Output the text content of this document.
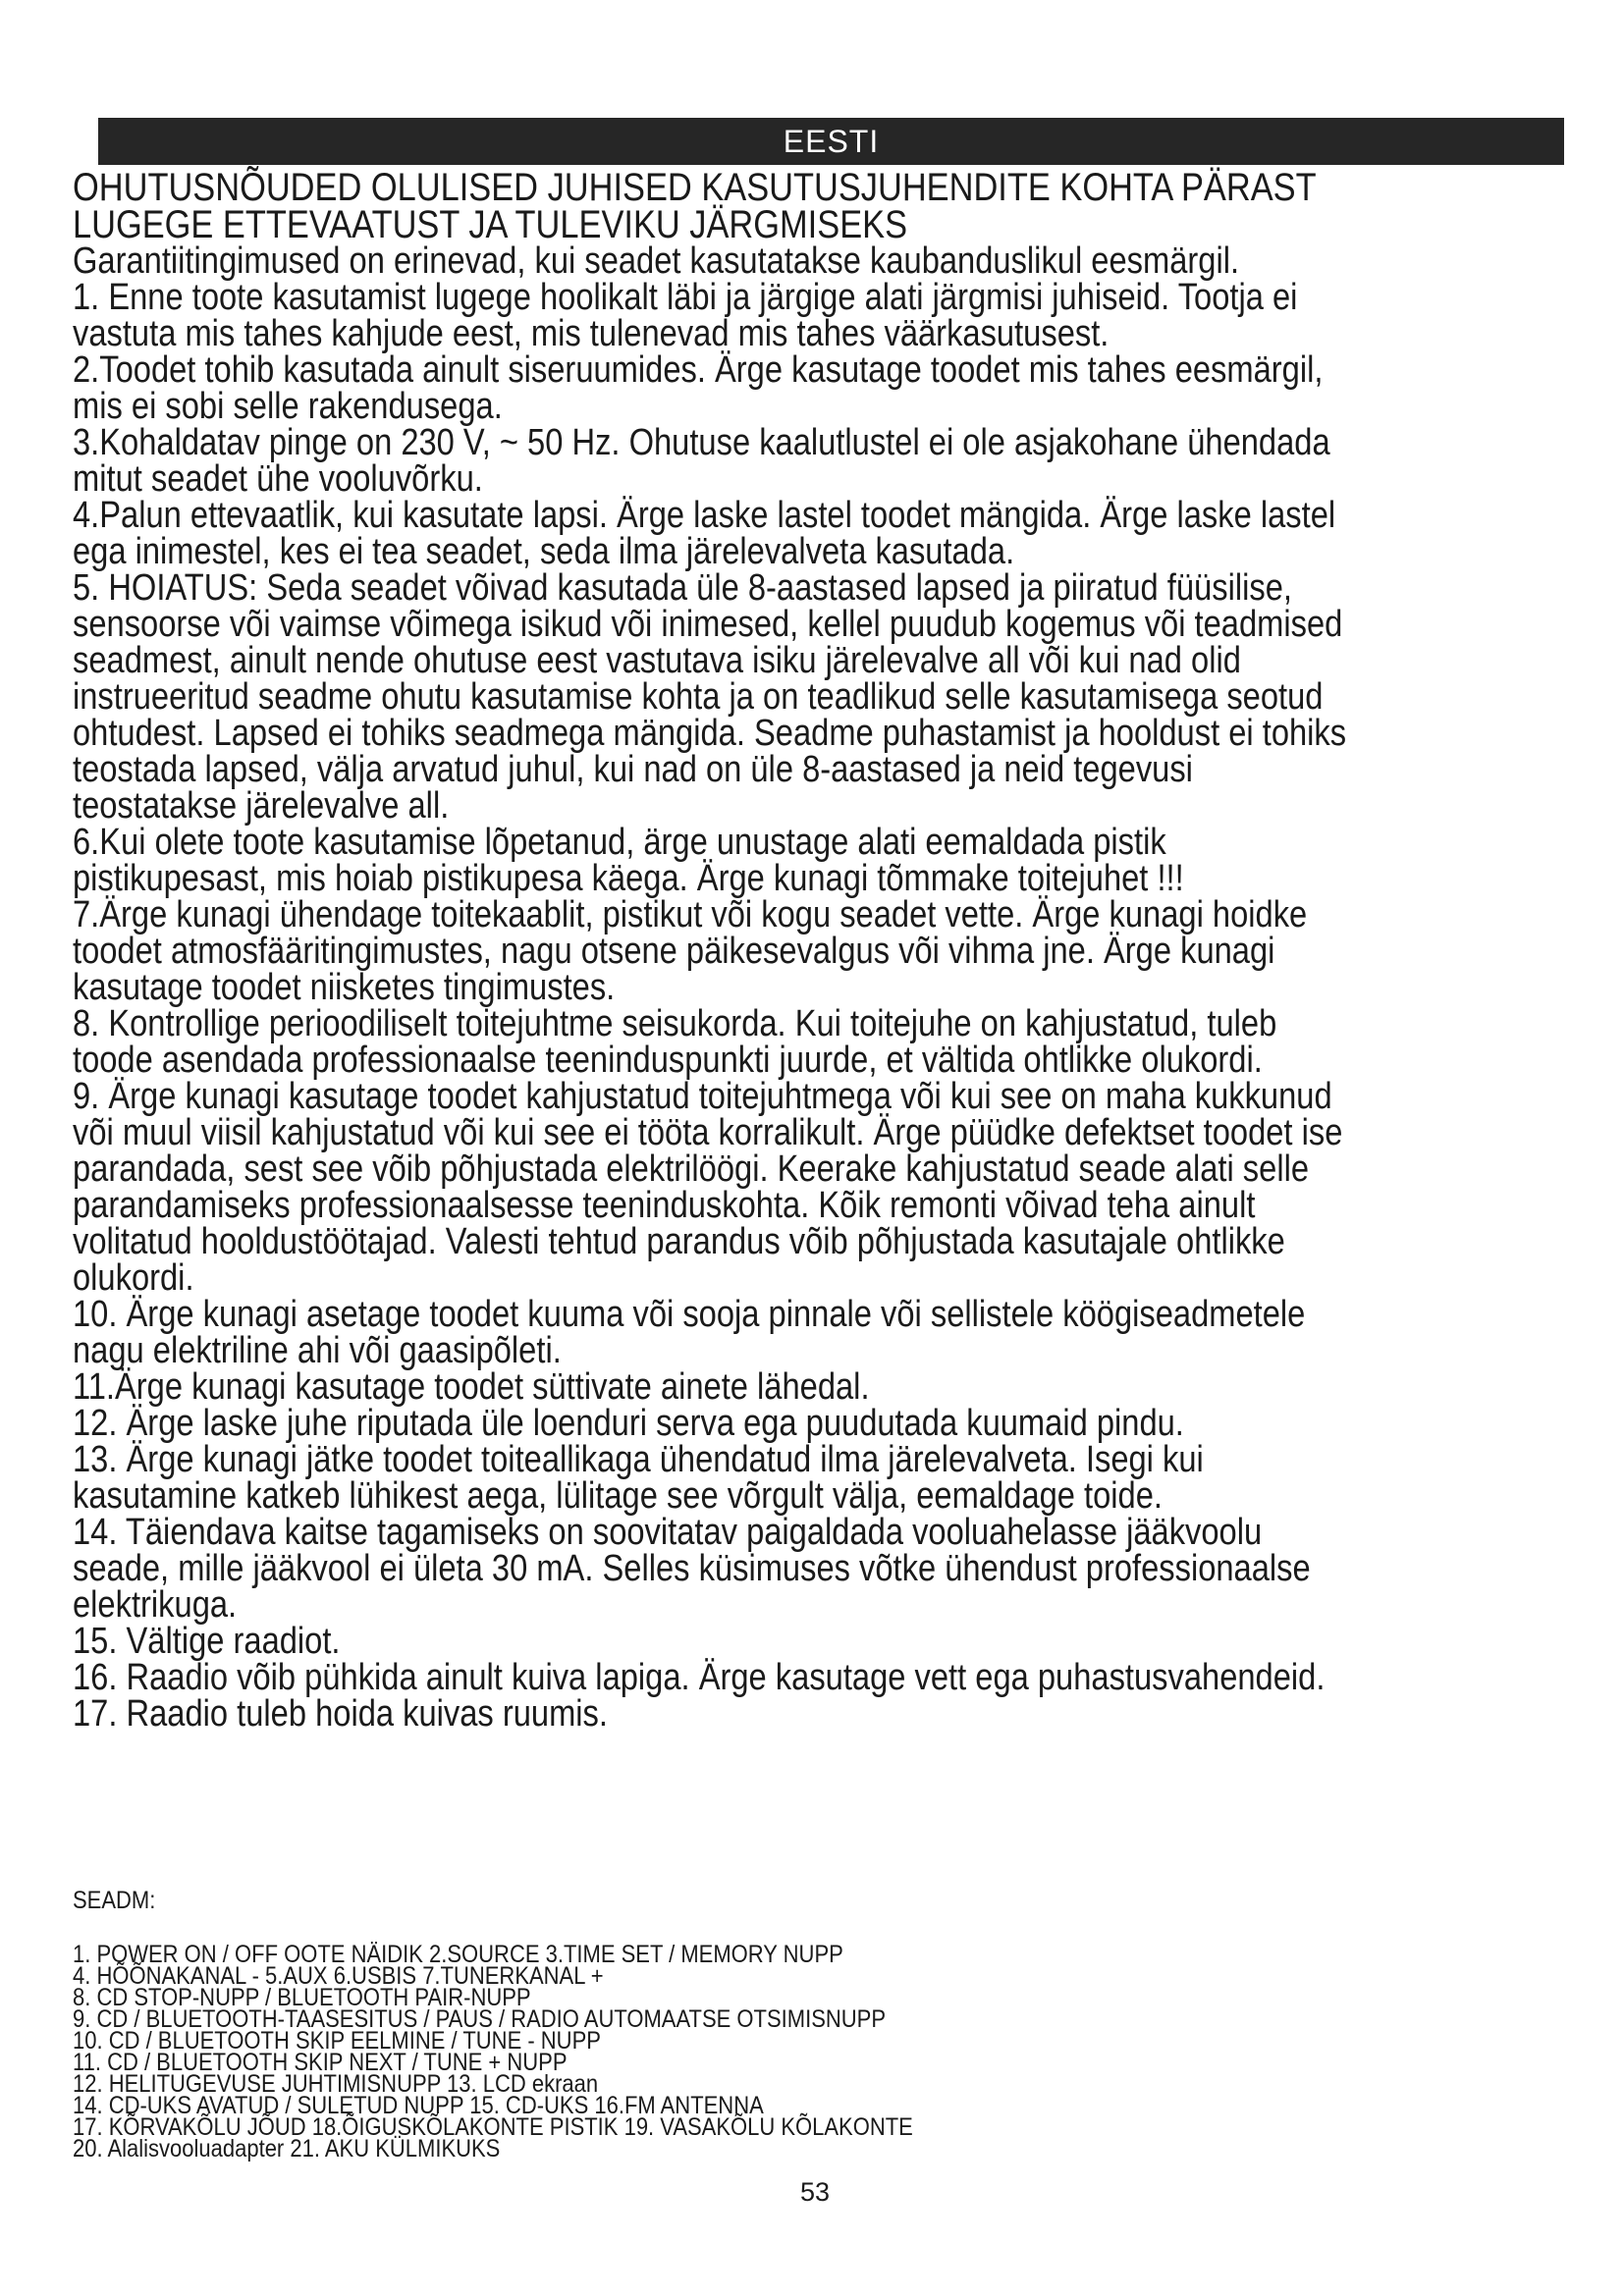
EESTI

OHUTUSNÕUDED OLULISED JUHISED KASUTUSJUHENDITE KOHTA PÄRAST

LUGEGE ETTEVAATUST JA TULEVIKU JÄRGMISEKS

Garantiitingimused on erinevad, kui seadet kasutatakse kaubanduslikul eesmärgil.

1. Enne toote kasutamist lugege hoolikalt läbi ja järgige alati järgmisi juhiseid. Tootja ei vastuta mis tahes kahjude eest, mis tulenevad mis tahes väärkasutusest.

2.Toodet tohib kasutada ainult siseruumides. Ärge kasutage toodet mis tahes eesmärgil, mis ei sobi selle rakendusega.

3.Kohaldatav pinge on 230 V, ~ 50 Hz. Ohutuse kaalutlustel ei ole asjakohane ühendada mitut seadet ühe vooluvõrku.

4.Palun ettevaatlik, kui kasutate lapsi. Ärge laske lastel toodet mängida. Ärge laske lastel ega inimestel, kes ei tea seadet, seda ilma järelevalveta kasutada.

5. HOIATUS: Seda seadet võivad kasutada üle 8-aastased lapsed ja piiratud füüsilise, sensoorse või vaimse võimega isikud või inimesed, kellel puudub kogemus või teadmised seadmest, ainult nende ohutuse eest vastutava isiku järelevalve all või kui nad olid instrueeritud seadme ohutu kasutamise kohta ja on teadlikud selle kasutamisega seotud ohtudest. Lapsed ei tohiks seadmega mängida. Seadme puhastamist ja hooldust ei tohiks teostada lapsed, välja arvatud juhul, kui nad on üle 8-aastased ja neid tegevusi teostatakse järelevalve all.

6.Kui olete toote kasutamise lõpetanud, ärge unustage alati eemaldada pistik pistikupesast, mis hoiab pistikupesa käega. Ärge kunagi tõmmake toitejuhet !!!

7.Ärge kunagi ühendage toitekaablit, pistikut või kogu seadet vette. Ärge kunagi hoidke toodet atmosfääritingimustes, nagu otsene päikesevalgus või vihma jne. Ärge kunagi kasutage toodet niisketes tingimustes.

8. Kontrollige perioodiliselt toitejuhtme seisukorda. Kui toitejuhe on kahjustatud, tuleb toode asendada professionaalse teeninduspunkti juurde, et vältida ohtlikke olukordi.

9. Ärge kunagi kasutage toodet kahjustatud toitejuhtmega või kui see on maha kukkunud või muul viisil kahjustatud või kui see ei tööta korralikult. Ärge püüdke defektset toodet ise parandada, sest see võib põhjustada elektrilöögi. Keerake kahjustatud seade alati selle parandamiseks professionaalsesse teeninduskohta. Kõik remonti võivad teha ainult volitatud hooldustöötajad. Valesti tehtud parandus võib põhjustada kasutajale ohtlikke olukordi.

10. Ärge kunagi asetage toodet kuuma või sooja pinnale või sellistele köögiseadmetele nagu elektriline ahi või gaasipõleti.

11.Ärge kunagi kasutage toodet süttivate ainete lähedal.

12. Ärge laske juhe riputada üle loenduri serva ega puudutada kuumaid pindu.

13. Ärge kunagi jätke toodet toiteallikaga ühendatud ilma järelevalveta. Isegi kui kasutamine katkeb lühikest aega, lülitage see võrgult välja, eemaldage toide.

14. Täiendava kaitse tagamiseks on soovitatav paigaldada vooluahelasse jääkvoolu seade, mille jääkvool ei ületa 30 mA. Selles küsimuses võtke ühendust professionaalse elektrikuga.

15. Vältige raadiot.

16. Raadio võib pühkida ainult kuiva lapiga. Ärge kasutage vett ega puhastusvahendeid.

17. Raadio tuleb hoida kuivas ruumis.

SEADM:

1. POWER ON / OFF OOTE NÄIDIK 2.SOURCE 3.TIME SET / MEMORY NUPP

4. HÕÕNAKANAL - 5.AUX 6.USBIS 7.TUNERKANAL +

8. CD STOP-NUPP / BLUETOOTH PAIR-NUPP

9. CD / BLUETOOTH-TAASESITUS / PAUS / RADIO AUTOMAATSE OTSIMISNUPP

10. CD / BLUETOOTH SKIP EELMINE / TUNE - NUPP

11. CD / BLUETOOTH SKIP NEXT / TUNE + NUPP

12. HELITUGEVUSE JUHTIMISNUPP 13. LCD ekraan

14. CD-UKS AVATUD / SULETUD NUPP 15. CD-UKS 16.FM ANTENNA

17. KÕRVAKÕLU JÕUD 18.ÕIGUSKÕLAKONTE PISTIK 19. VASAKÕLU KÕLAKONTE

20. Alalisvooluadapter 21. AKU KÜLMIKUKS

53
